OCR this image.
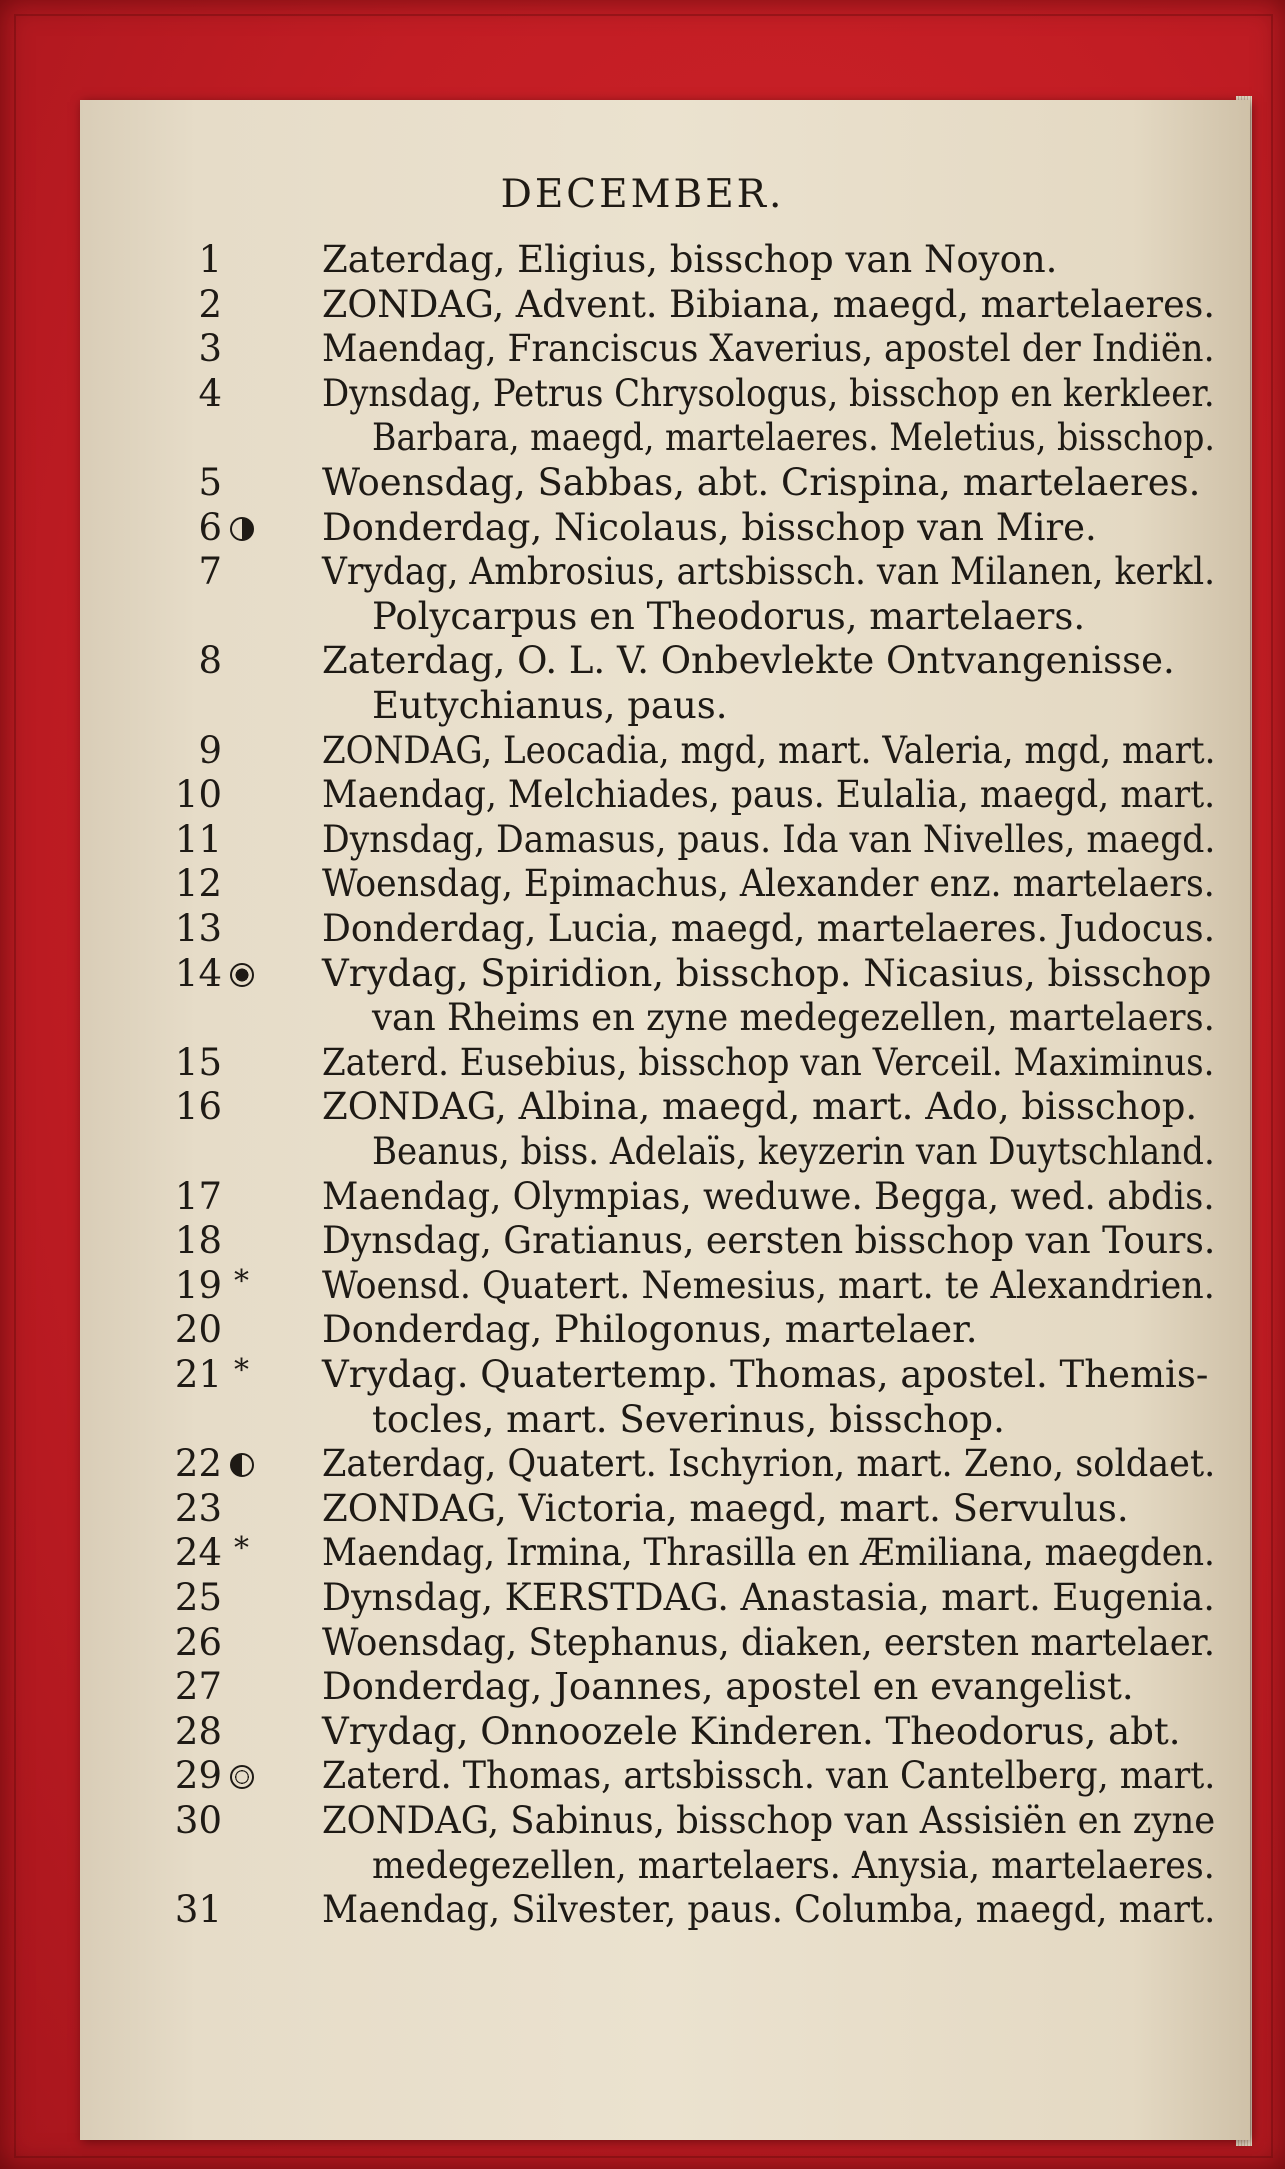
DECEMBER.
1	Zaterdag, Eligius, bisschop van Noyon.
2	ZONDAG, Advent. Bibiana, maegd, martelaeres.
3	Maendag, Franciscus Xaverius, apostel der Indiën.
4	Dynsdag, Petrus Chrysologus, bisschop en kerkleer.
Barbara, maegd, martelaeres. Meletius, bisschop.
5	Woensdag, Sabbas, abt. Crispina, martelaeres.
6	Donderdag, Nicolaus, bisschop van Mire.
7	Vrydag, Ambrosius, artsbissch. van Milanen, kerkl.
Polycarpus en Theodorus, martelaers.
8	Zaterdag, O. L. V. Onbevlekte Ontvangenisse.
Eutychianus, paus.
9	ZONDAG, Leocadia, mgd, mart. Valeria, mgd, mart.
10	Maendag, Melchiades, paus. Eulalia, maegd, mart.
11	Dynsdag, Damasus, paus. Ida van Nivelles, maegd.
12	Woensdag, Epimachus, Alexander enz. martelaers.
13	Donderdag, Lucia, maegd, martelaeres. Judocus.
14	Vrydag, Spiridion, bisschop. Nicasius, bisschop
van Rheims en zyne medegezellen, martelaers.
15	Zaterd. Eusebius, bisschop van Verceil. Maximinus.
16	ZONDAG, Albina, maegd, mart. Ado, bisschop.
Beanus, biss. Adelaïs, keyzerin van Duytschland.
17	Maendag, Olympias, weduwe. Begga, wed. abdis.
18	Dynsdag, Gratianus, eersten bisschop van Tours.
19 * Woensd. Quatert. Nemesius, mart. te Alexandrien.
20	Donderdag, Philogonus, martelaer.
21 * Vrydag. Quatertemp. Thomas, apostel. Themis-
tocles, mart. Severinus, bisschop.
22	Zaterdag, Quatert. Ischyrion, mart. Zeno, soldaet.
23	ZONDAG, Victoria, maegd, mart. Servulus.
24 * Maendag, Irmina, Thrasilla en Æmiliana, maegden.
25	Dynsdag, KERSTDAG. Anastasia, mart. Eugenia.
26	Woensdag, Stephanus, diaken, eersten martelaer.
27	Donderdag, Joannes, apostel en evangelist.
28	Vrydag, Onnoozele Kinderen. Theodorus, abt.
29	Zaterd. Thomas, artsbissch. van Cantelberg, mart.
30	ZONDAG, Sabinus, bisschop van Assisiën en zyne
medegezellen, martelaers. Anysia, martelaeres.
31	Maendag, Silvester, paus. Columba, maegd, mart.
